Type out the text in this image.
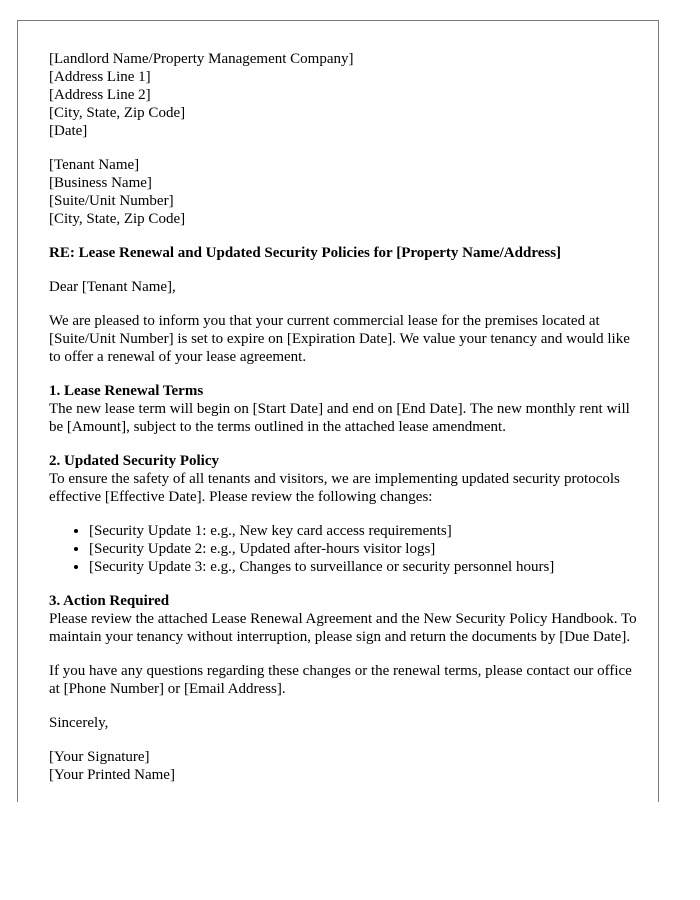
[Landlord Name/Property Management Company]
[Address Line 1]
[Address Line 2]
[City, State, Zip Code]
[Date]
[Tenant Name]
[Business Name]
[Suite/Unit Number]
[City, State, Zip Code]

RE: Lease Renewal and Updated Security Policies for [Property Name/Address]

Dear [Tenant Name],

We are pleased to inform you that your current commercial lease for the premises located at [Suite/Unit Number] is set to expire on [Expiration Date]. We value your tenancy and would like to offer a renewal of your lease agreement.

1. Lease Renewal Terms

The new lease term will begin on [Start Date] and end on [End Date]. The new monthly rent will be [Amount], subject to the terms outlined in the attached lease amendment.

2. Updated Security Policy

To ensure the safety of all tenants and visitors, we are implementing updated security protocols effective [Effective Date]. Please review the following changes:

• [Security Update 1: e.g., New key card access requirements]
• [Security Update 2: e.g., Updated after-hours visitor logs]
• [Security Update 3: e.g., Changes to surveillance or security personnel hours]
3. Action Required

Please review the attached Lease Renewal Agreement and the New Security Policy Handbook. To maintain your tenancy without interruption, please sign and return the documents by [Due Date].

If you have any questions regarding these changes or the renewal terms, please contact our office at [Phone Number] or [Email Address].

Sincerely,

[Your Signature]
[Your Printed Name]
